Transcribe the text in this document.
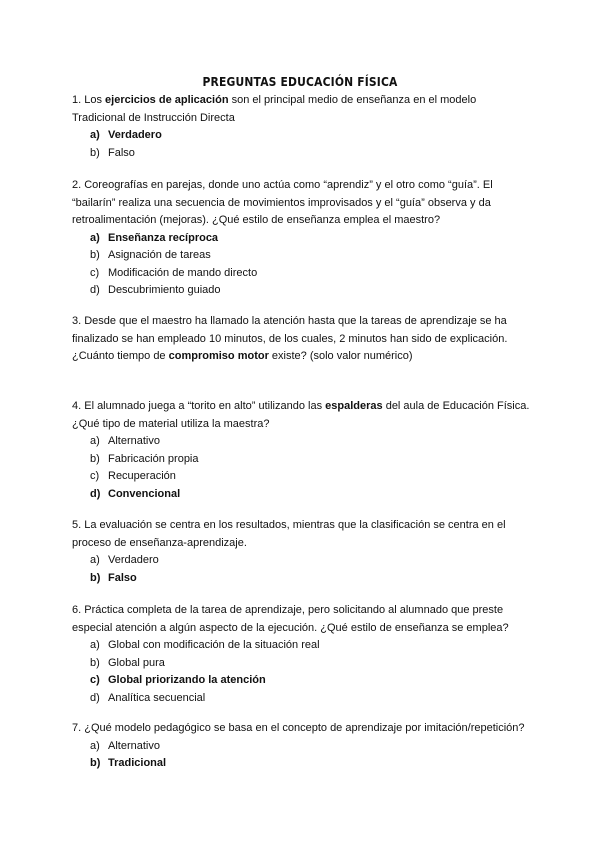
PREGUNTAS EDUCACIÓN FÍSICA

1. Los ejercicios de aplicación son el principal medio de enseñanza en el modelo Tradicional de Instrucción Directa

a) Verdadero
b) Falso

2. Coreografías en parejas, donde uno actúa como “aprendiz” y el otro como “guía”. El “bailarín” realiza una secuencia de movimientos improvisados y el “guía” observa y da retroalimentación (mejoras). ¿Qué estilo de enseñanza emplea el maestro?

a) Enseñanza recíproca
b) Asignación de tareas
c) Modificación de mando directo
d) Descubrimiento guiado

3. Desde que el maestro ha llamado la atención hasta que la tareas de aprendizaje se ha finalizado se han empleado 10 minutos, de los cuales, 2 minutos han sido de explicación. ¿Cuánto tiempo de compromiso motor existe? (solo valor numérico)

4. El alumnado juega a “torito en alto” utilizando las espalderas del aula de Educación Física. ¿Qué tipo de material utiliza la maestra?

a) Alternativo
b) Fabricación propia
c) Recuperación
d) Convencional

5. La evaluación se centra en los resultados, mientras que la clasificación se centra en el proceso de enseñanza-aprendizaje.

a) Verdadero
b) Falso

6. Práctica completa de la tarea de aprendizaje, pero solicitando al alumnado que preste especial atención a algún aspecto de la ejecución. ¿Qué estilo de enseñanza se emplea?

a) Global con modificación de la situación real
b) Global pura
c) Global priorizando la atención
d) Analítica secuencial

7. ¿Qué modelo pedagógico se basa en el concepto de aprendizaje por imitación/repetición?

a) Alternativo
b) Tradicional
